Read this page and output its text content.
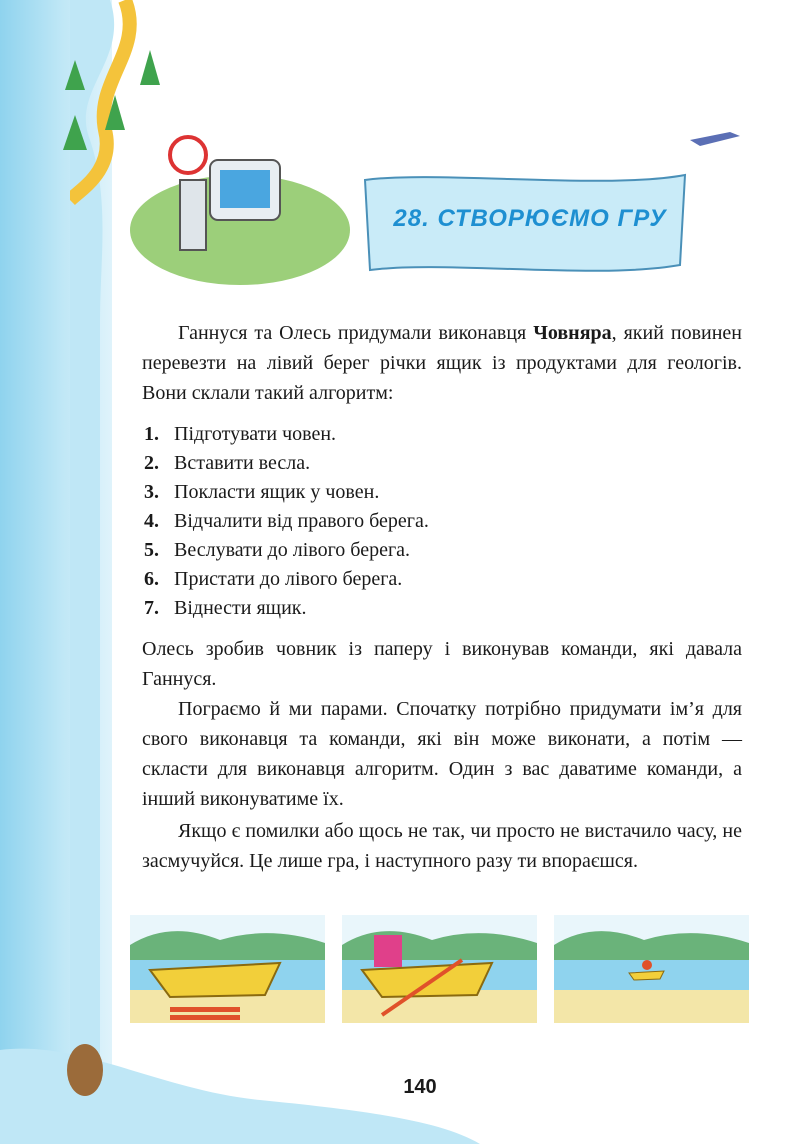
28. СТВОРЮЄМО ГРУ
Ганнуся та Олесь придумали виконавця Човняра, який повинен перевезти на лівий берег річки ящик із продуктами для геологів. Вони склали такий алгоритм:
1. Підготувати човен.
2. Вставити весла.
3. Покласти ящик у човен.
4. Відчалити від правого берега.
5. Веслувати до лівого берега.
6. Пристати до лівого берега.
7. Віднести ящик.
Олесь зробив човник із паперу і виконував команди, які давала Ганнуся.
Пограємо й ми парами. Спочатку потрібно придумати ім’я для свого виконавця та команди, які він може виконати, а потім — скласти для виконавця алгоритм. Один з вас даватиме команди, а інший виконуватиме їх.
Якщо є помилки або щось не так, чи просто не вистачило часу, не засмучуйся. Це лише гра, і наступного разу ти впораєшся.
140
